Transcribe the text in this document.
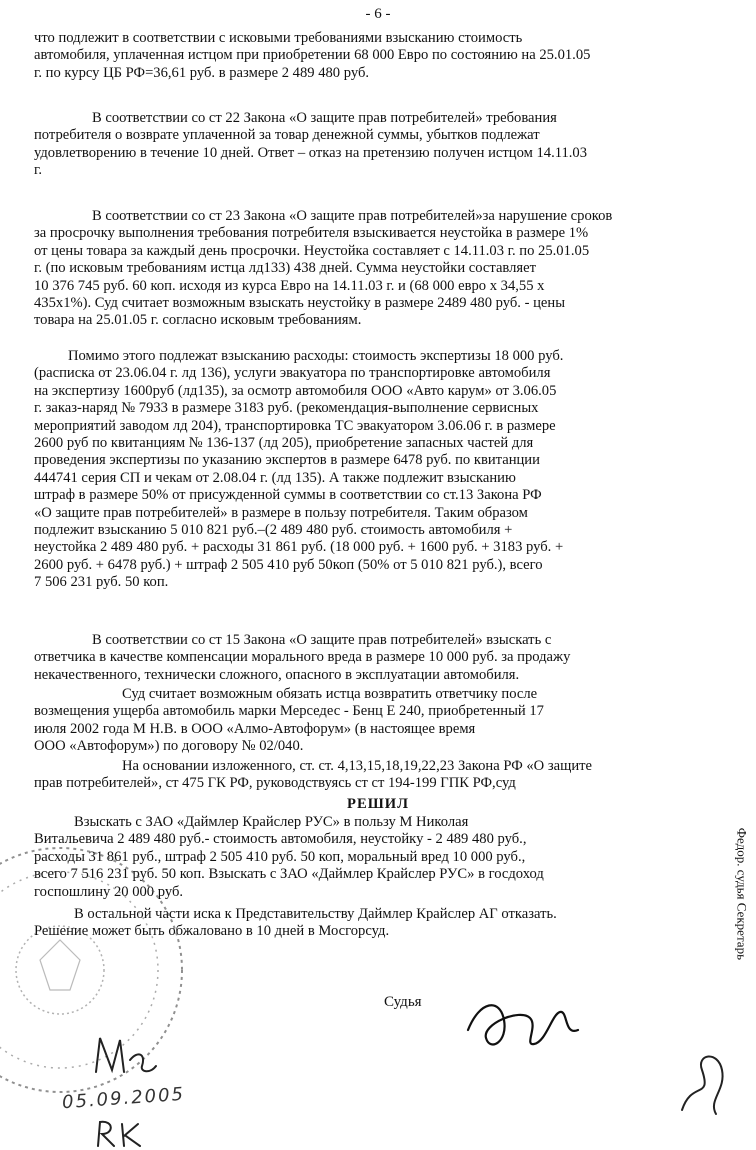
- 6 -
что подлежит в соответствии с исковыми требованиями взысканию стоимость
автомобиля, уплаченная истцом при приобретении 68 000 Евро по состоянию на 25.01.05
г. по курсу ЦБ РФ=36,61 руб. в размере 2 489 480 руб.
В соответствии со ст 22 Закона «О защите прав потребителей» требования
потребителя о возврате уплаченной за товар денежной суммы, убытков подлежат
удовлетворению в течение 10 дней. Ответ – отказ на претензию получен истцом 14.11.03
г.
В соответствии со ст 23 Закона «О защите прав потребителей»за нарушение сроков
за просрочку выполнения требования потребителя взыскивается неустойка в размере 1%
от цены товара за каждый день просрочки. Неустойка составляет с 14.11.03 г. по 25.01.05
г. (по исковым требованиям истца лд133) 438 дней. Сумма неустойки составляет
10 376 745 руб. 60 коп. исходя из курса Евро на 14.11.03 г. и (68 000 евро х 34,55 х
435х1%). Суд считает возможным взыскать неустойку в размере 2489 480 руб. - цены
товара на 25.01.05 г. согласно исковым требованиям.
Помимо этого подлежат взысканию расходы: стоимость экспертизы 18 000 руб.
(расписка от 23.06.04 г. лд 136), услуги эвакуатора по транспортировке автомобиля
на экспертизу 1600руб (лд135), за осмотр автомобиля ООО «Авто карум» от 3.06.05
г. заказ-наряд № 7933 в размере 3183 руб. (рекомендация-выполнение сервисных
мероприятий заводом лд 204), транспортировка ТС эвакуатором 3.06.06 г. в размере
2600 руб по квитанциям № 136-137 (лд 205), приобретение запасных частей для
проведения экспертизы по указанию экспертов в размере 6478 руб. по квитанции
444741 серия СП и чекам от 2.08.04 г. (лд 135). А также подлежит взысканию
штраф в размере 50% от присужденной суммы в соответствии со ст.13 Закона РФ
«О защите прав потребителей» в размере в пользу потребителя. Таким образом
подлежит взысканию 5 010 821 руб.–(2 489 480 руб. стоимость автомобиля +
неустойка 2 489 480 руб. + расходы 31 861 руб. (18 000 руб. + 1600 руб. + 3183 руб. +
2600 руб. + 6478 руб.) + штраф 2 505 410 руб 50коп (50% от 5 010 821 руб.), всего
7 506 231 руб. 50 коп.
В соответствии со ст 15 Закона «О защите прав потребителей» взыскать с
ответчика в качестве компенсации морального вреда в размере 10 000 руб. за продажу
некачественного, технически сложного, опасного в эксплуатации автомобиля.
Суд считает возможным обязать истца возвратить ответчику после
возмещения ущерба автомобиль марки Мерседес - Бенц Е 240, приобретенный 17
июля 2002 года М Н.В. в ООО «Алмо-Автофорум» (в настоящее время
ООО «Автофорум») по договору № 02/040.
На основании изложенного, ст. ст. 4,13,15,18,19,22,23 Закона РФ «О защите
прав потребителей», ст 475 ГК РФ, руководствуясь ст ст 194-199 ГПК РФ,суд
РЕШИЛ
Взыскать с ЗАО «Даймлер Крайслер РУС» в пользу М Николая
Витальевича 2 489 480 руб.- стоимость автомобиля, неустойку - 2 489 480 руб.,
расходы 31 861 руб., штраф 2 505 410 руб. 50 коп, моральный вред 10 000 руб.,
всего 7 516 231 руб. 50 коп. Взыскать с ЗАО «Даймлер Крайслер РУС» в госдоход
госпошлину 20 000 руб.
В остальной части иска к Представительству Даймлер Крайслер АГ отказать.
Решение может быть обжаловано в 10 дней в Мосгорсуд.
Судья
Федор. судья Секретарь
05.09.2005
